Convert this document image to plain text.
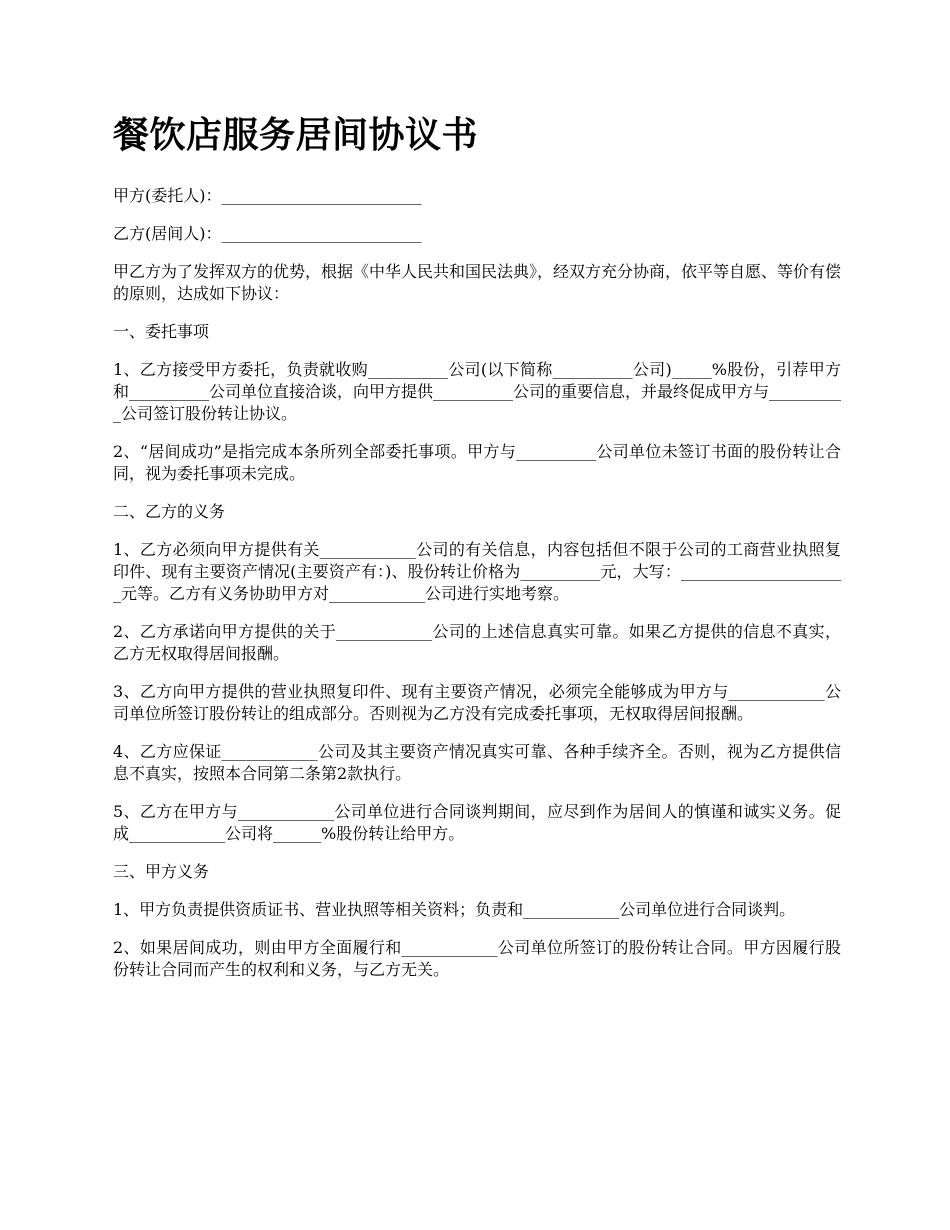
餐饮店服务居间协议书

甲方(委托人)：_________________________

乙方(居间人)：_________________________

甲乙方为了发挥双方的优势，根据《中华人民共和国民法典》，经双方充分协商，依平等自愿、等价有偿的原则，达成如下协议：

一、委托事项

1、乙方接受甲方委托，负责就收购__________公司(以下简称__________公司)_____%股份，引荐甲方和__________公司单位直接洽谈，向甲方提供__________公司的重要信息，并最终促成甲方与__________公司签订股份转让协议。

2、“居间成功”是指完成本条所列全部委托事项。甲方与__________公司单位未签订书面的股份转让合同，视为委托事项未完成。

二、乙方的义务

1、乙方必须向甲方提供有关____________公司的有关信息，内容包括但不限于公司的工商营业执照复印件、现有主要资产情况(主要资产有：)、股份转让价格为__________元，大写：_____________________元等。乙方有义务协助甲方对____________公司进行实地考察。

2、乙方承诺向甲方提供的关于____________公司的上述信息真实可靠。如果乙方提供的信息不真实，乙方无权取得居间报酬。

3、乙方向甲方提供的营业执照复印件、现有主要资产情况，必须完全能够成为甲方与____________公司单位所签订股份转让的组成部分。否则视为乙方没有完成委托事项，无权取得居间报酬。

4、乙方应保证____________公司及其主要资产情况真实可靠、各种手续齐全。否则，视为乙方提供信息不真实，按照本合同第二条第2款执行。

5、乙方在甲方与____________公司单位进行合同谈判期间，应尽到作为居间人的慎谨和诚实义务。促成____________公司将______%股份转让给甲方。

三、甲方义务

1、甲方负责提供资质证书、营业执照等相关资料；负责和____________公司单位进行合同谈判。

2、如果居间成功，则由甲方全面履行和____________公司单位所签订的股份转让合同。甲方因履行股份转让合同而产生的权利和义务，与乙方无关。
